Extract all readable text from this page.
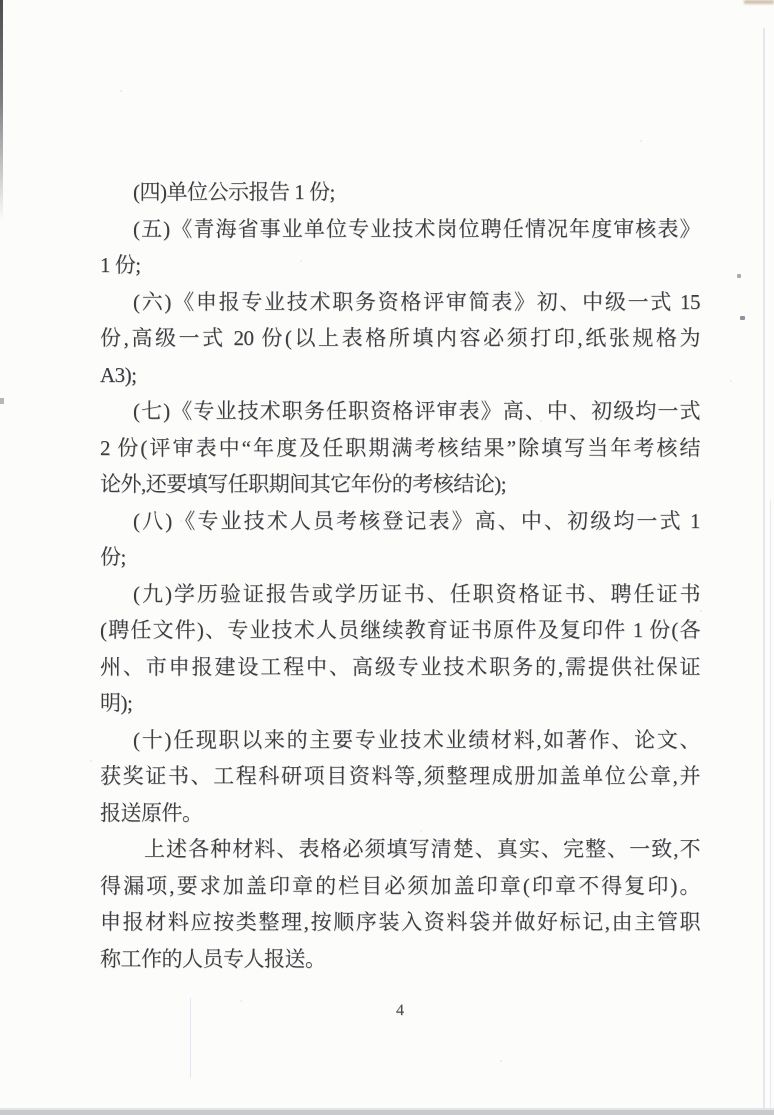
(四)单位公示报告 1 份;
(五)《青海省事业单位专业技术岗位聘任情况年度审核表》
1 份;
(六)《申报专业技术职务资格评审简表》初、中级一式 15
份,高级一式 20 份(以上表格所填内容必须打印,纸张规格为
A3);
(七)《专业技术职务任职资格评审表》高、中、初级均一式
2 份(评审表中“年度及任职期满考核结果”除填写当年考核结
论外,还要填写任职期间其它年份的考核结论);
(八)《专业技术人员考核登记表》高、中、初级均一式 1
份;
(九)学历验证报告或学历证书、任职资格证书、聘任证书
(聘任文件)、专业技术人员继续教育证书原件及复印件 1 份(各
州、市申报建设工程中、高级专业技术职务的,需提供社保证
明);
(十)任现职以来的主要专业技术业绩材料,如著作、论文、
获奖证书、工程科研项目资料等,须整理成册加盖单位公章,并
报送原件。
上述各种材料、表格必须填写清楚、真实、完整、一致,不
得漏项,要求加盖印章的栏目必须加盖印章(印章不得复印)。
申报材料应按类整理,按顺序装入资料袋并做好标记,由主管职
称工作的人员专人报送。
4
